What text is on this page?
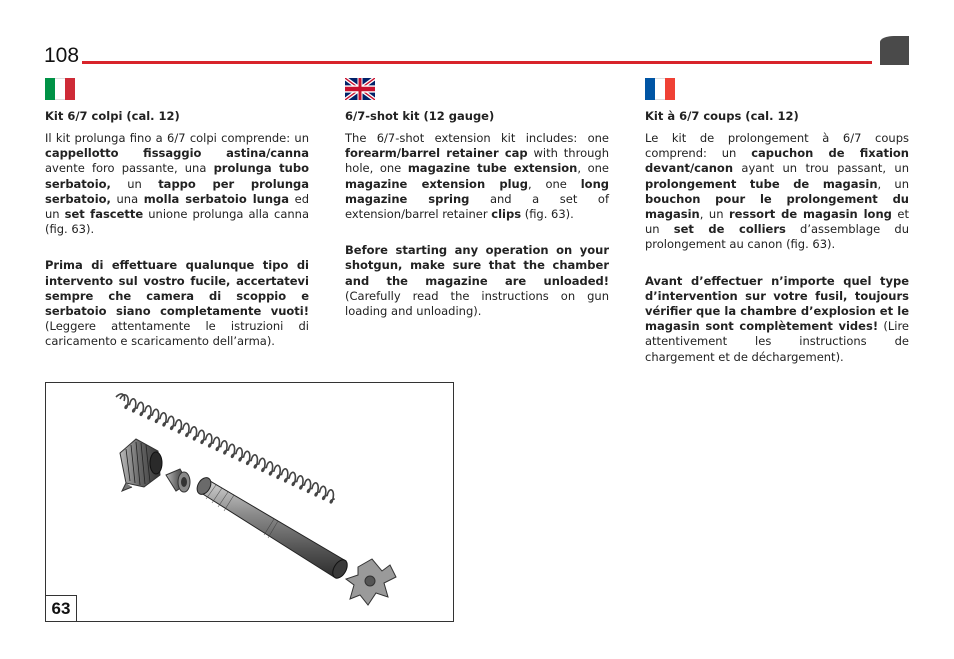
108
Kit 6/7 colpi (cal. 12)

Il kit prolunga fino a 6/7 colpi comprende: un cappellotto fissaggio astina/canna avente foro passante, una prolunga tubo serbatoio, un tappo per prolunga serbatoio, una molla serbatoio lunga ed un set fascette unione prolunga alla canna (fig. 63).

Prima di effettuare qualunque tipo di intervento sul vostro fucile, accertatevi sempre che camera di scoppio e serbatoio siano completamente vuoti! (Leggere attentamente le istruzioni di caricamento e scaricamento dell’arma).

6/7-shot kit (12 gauge)

The 6/7-shot extension kit includes: one forearm/barrel retainer cap with through hole, one magazine tube extension, one magazine extension plug, one long magazine spring and a set of extension/barrel retainer clips (fig. 63).

Before starting any operation on your shotgun, make sure that the chamber and the magazine are unloaded! (Carefully read the instructions on gun loading and unloading).

Kit à 6/7 coups (cal. 12)

Le kit de prolongement à 6/7 coups comprend: un capuchon de fixation devant/canon ayant un trou passant, un prolongement tube de magasin, un bouchon pour le prolongement du magasin, un ressort de magasin long et un set de colliers d’assemblage du prolongement au canon (fig. 63).

Avant d’effectuer n’importe quel type d’intervention sur votre fusil, toujours vérifier que la chambre d’explosion et le magasin sont complètement vides! (Lire attentivement les instructions de chargement et de déchargement).

63
